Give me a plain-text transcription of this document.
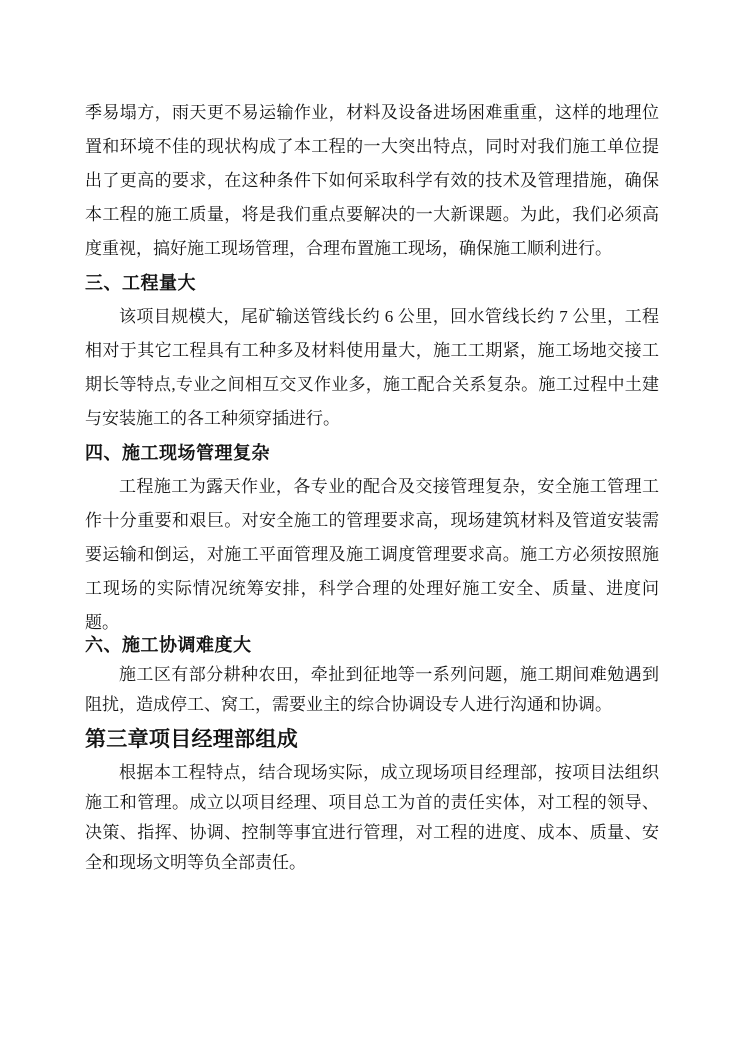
季易塌方，雨天更不易运输作业，材料及设备进场困难重重，这样的地理位置和环境不佳的现状构成了本工程的一大突出特点，同时对我们施工单位提出了更高的要求，在这种条件下如何采取科学有效的技术及管理措施，确保本工程的施工质量，将是我们重点要解决的一大新课题。为此，我们必须高度重视，搞好施工现场管理，合理布置施工现场，确保施工顺利进行。

三、工程量大

该项目规模大，尾矿输送管线长约 6 公里，回水管线长约 7 公里，工程相对于其它工程具有工种多及材料使用量大，施工工期紧，施工场地交接工期长等特点,专业之间相互交叉作业多，施工配合关系复杂。施工过程中土建与安装施工的各工种须穿插进行。

四、施工现场管理复杂

工程施工为露天作业，各专业的配合及交接管理复杂，安全施工管理工作十分重要和艰巨。对安全施工的管理要求高，现场建筑材料及管道安装需要运输和倒运，对施工平面管理及施工调度管理要求高。施工方必须按照施工现场的实际情况统筹安排，科学合理的处理好施工安全、质量、进度问题。

六、施工协调难度大

施工区有部分耕种农田，牵扯到征地等一系列问题，施工期间难勉遇到阻扰，造成停工、窝工，需要业主的综合协调设专人进行沟通和协调。

第三章项目经理部组成

根据本工程特点，结合现场实际，成立现场项目经理部，按项目法组织施工和管理。成立以项目经理、项目总工为首的责任实体，对工程的领导、决策、指挥、协调、控制等事宜进行管理，对工程的进度、成本、质量、安全和现场文明等负全部责任。
